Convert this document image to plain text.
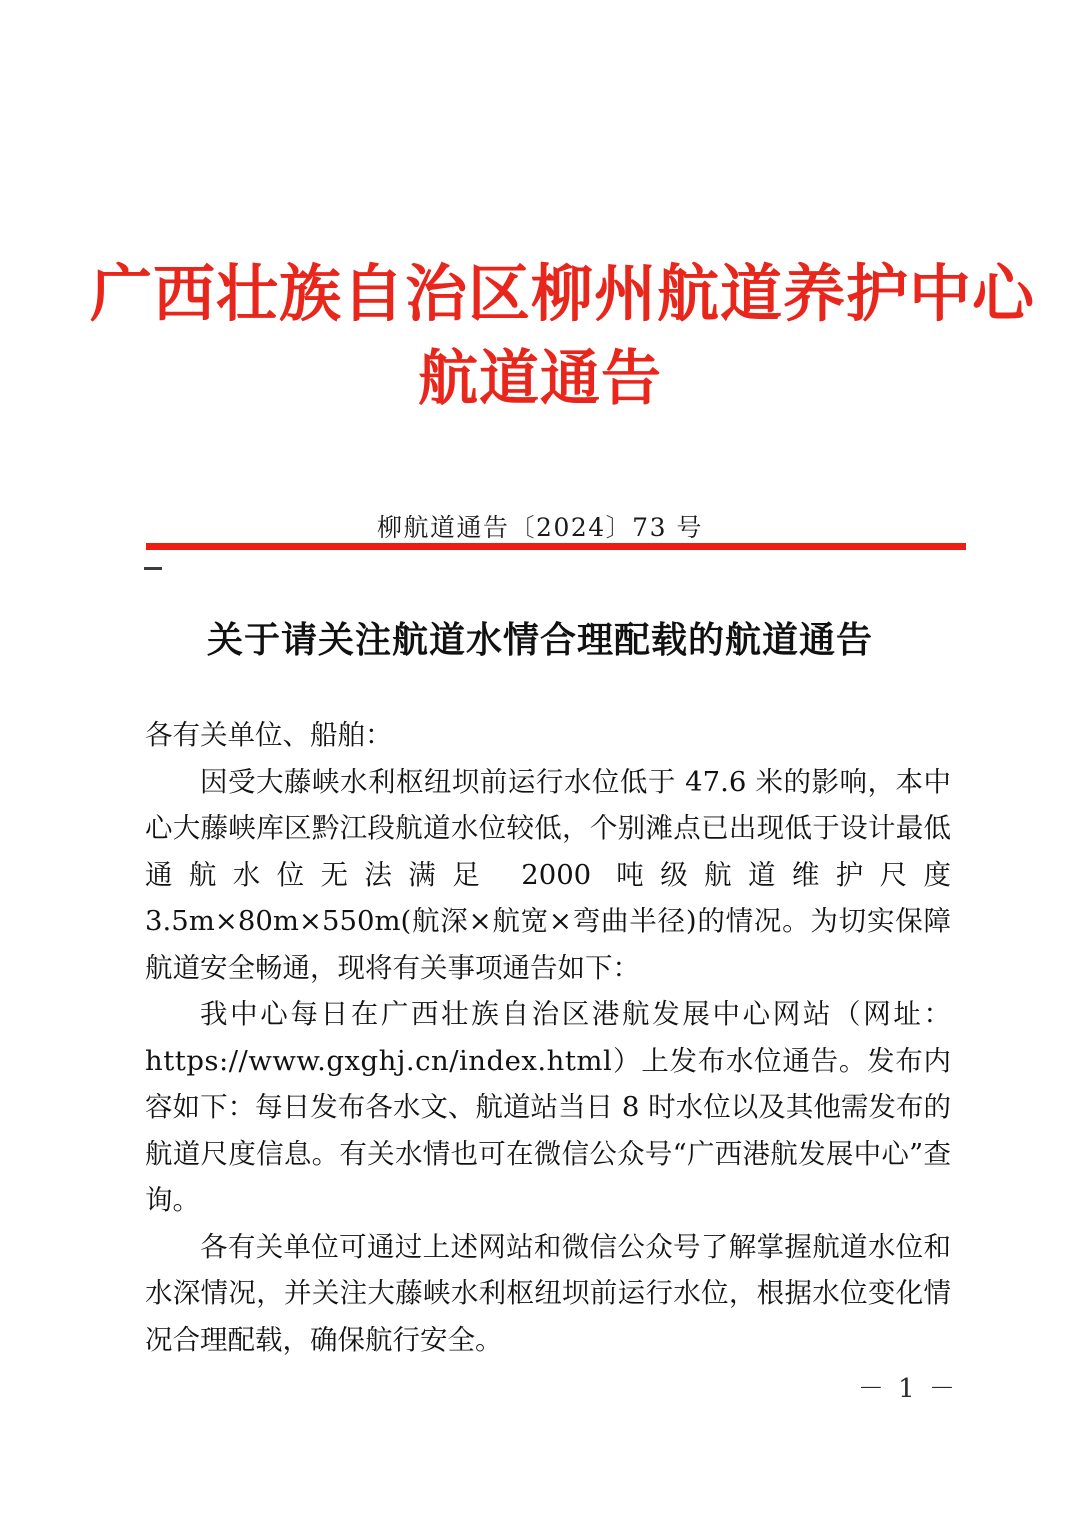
广西壮族自治区柳州航道养护中心
航道通告
柳航道通告〔2024〕73 号
关于请关注航道水情合理配载的航道通告

各有关单位、船舶：

因受大藤峡水利枢纽坝前运行水位低于 47.6 米的影响，本中心大藤峡库区黔江段航道水位较低，个别滩点已出现低于设计最低通航水位无法满足 2000 吨级航道维护尺度 3.5m×80m×550m(航深×航宽×弯曲半径)的情况。为切实保障航道安全畅通，现将有关事项通告如下：

我中心每日在广西壮族自治区港航发展中心网站（网址：https://www.gxghj.cn/index.html）上发布水位通告。发布内容如下：每日发布各水文、航道站当日 8 时水位以及其他需发布的航道尺度信息。有关水情也可在微信公众号“广西港航发展中心”查询。

各有关单位可通过上述网站和微信公众号了解掌握航道水位和水深情况，并关注大藤峡水利枢纽坝前运行水位，根据水位变化情况合理配载，确保航行安全。

－ 1 －
